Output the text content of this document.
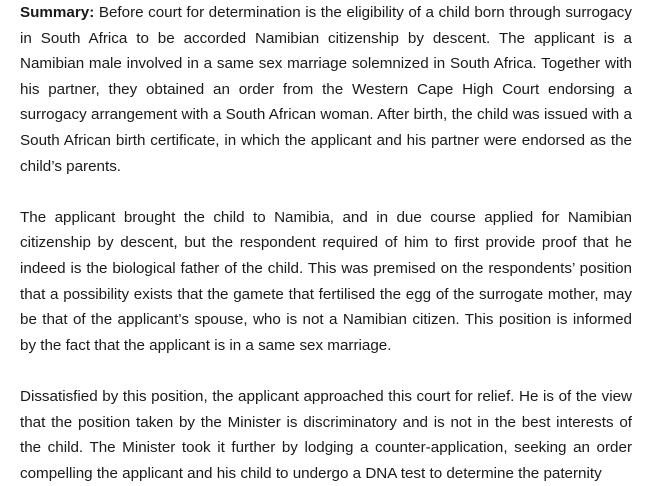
Summary: Before court for determination is the eligibility of a child born through surrogacy in South Africa to be accorded Namibian citizenship by descent. The applicant is a Namibian male involved in a same sex marriage solemnized in South Africa. Together with his partner, they obtained an order from the Western Cape High Court endorsing a surrogacy arrangement with a South African woman. After birth, the child was issued with a South African birth certificate, in which the applicant and his partner were endorsed as the child’s parents.

The applicant brought the child to Namibia, and in due course applied for Namibian citizenship by descent, but the respondent required of him to first provide proof that he indeed is the biological father of the child. This was premised on the respondents’ position that a possibility exists that the gamete that fertilised the egg of the surrogate mother, may be that of the applicant’s spouse, who is not a Namibian citizen. This position is informed by the fact that the applicant is in a same sex marriage.

Dissatisfied by this position, the applicant approached this court for relief. He is of the view that the position taken by the Minister is discriminatory and is not in the best interests of the child. The Minister took it further by lodging a counter-application, seeking an order compelling the applicant and his child to undergo a DNA test to determine the paternity
